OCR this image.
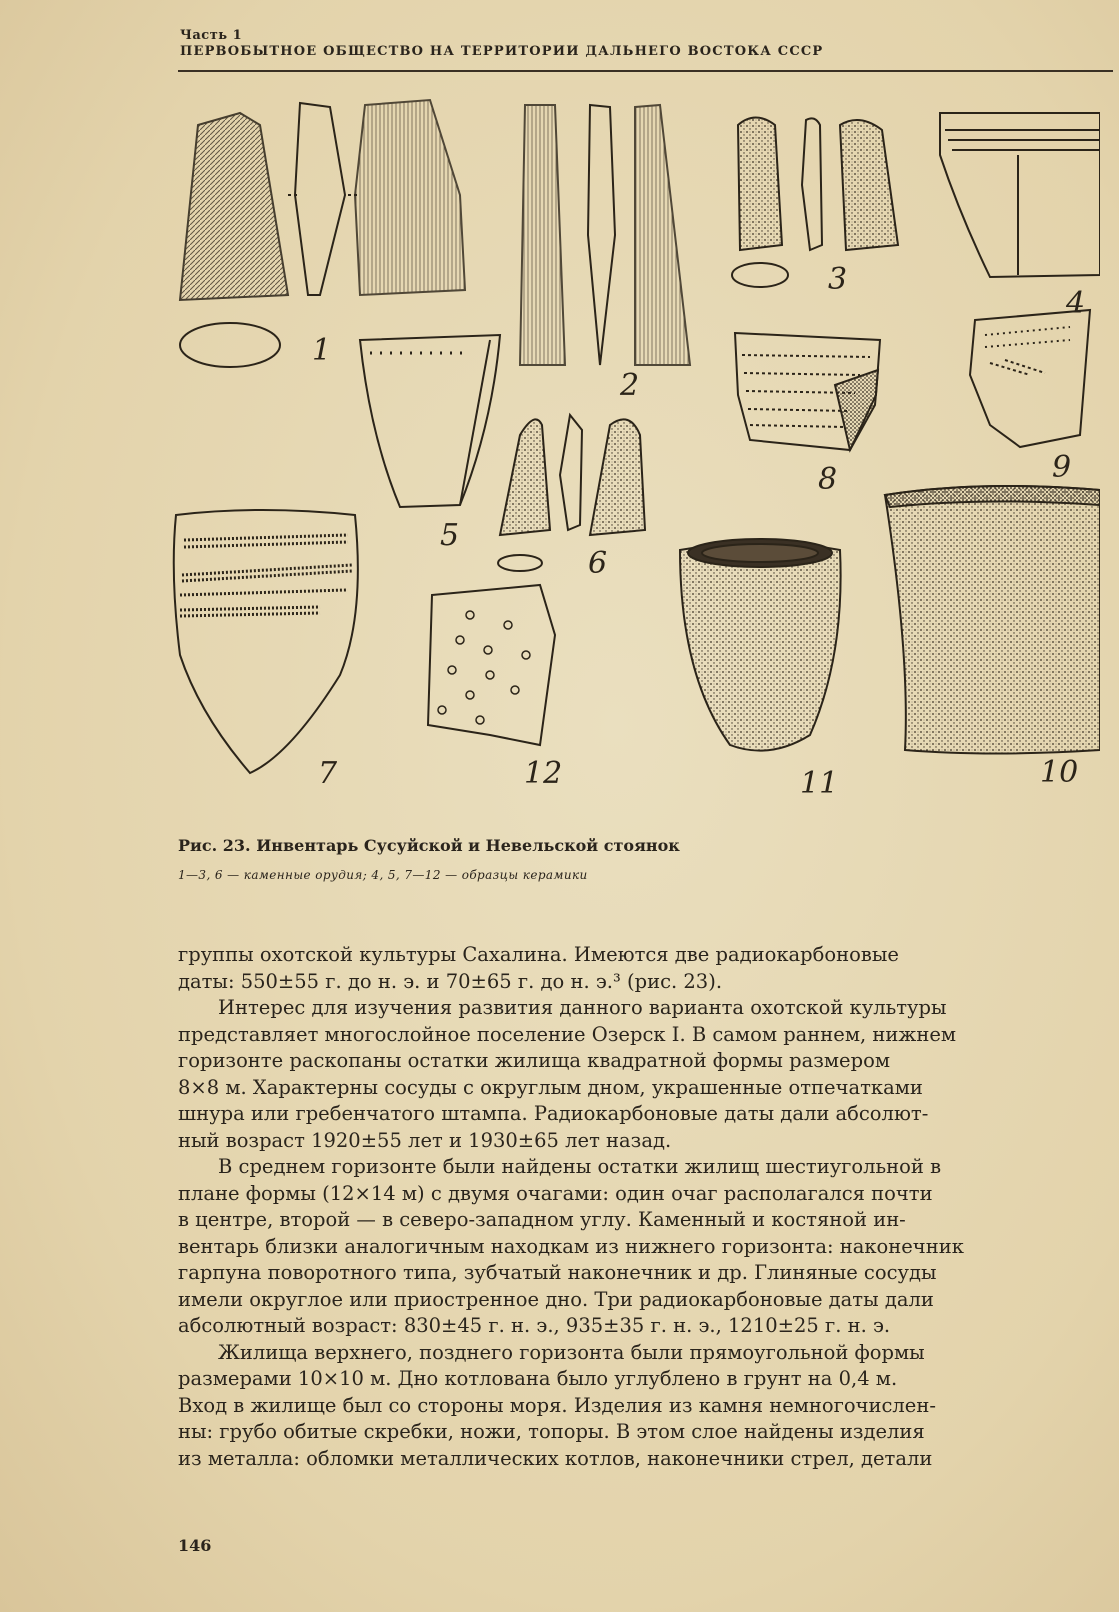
Часть 1
ПЕРВОБЫТНОЕ ОБЩЕСТВО НА ТЕРРИТОРИИ ДАЛЬНЕГО ВОСТОКА СССР
1
2
3
4
5
6
7
8	9
10
11
12
Рис. 23. Инвентарь Сусуйской и Невельской стоянок
1—3, 6 — каменные орудия; 4, 5, 7—12 — образцы керамики

группы охотской культуры Сахалина. Имеются две радиокарбоновые

даты: 550±55 г. до н. э. и 70±65 г. до н. э.³ (рис. 23).

Интерес для изучения развития данного варианта охотской культуры

представляет многослойное поселение Озерск I. В самом раннем, нижнем

горизонте раскопаны остатки жилища квадратной формы размером

8×8 м. Характерны сосуды с округлым дном, украшенные отпечатками

шнура или гребенчатого штампа. Радиокарбоновые даты дали абсолют-

ный возраст 1920±55 лет и 1930±65 лет назад.

В среднем горизонте были найдены остатки жилищ шестиугольной в

плане формы (12×14 м) с двумя очагами: один очаг располагался почти

в центре, второй — в северо-западном углу. Каменный и костяной ин-

вентарь близки аналогичным находкам из нижнего горизонта: наконечник

гарпуна поворотного типа, зубчатый наконечник и др. Глиняные сосуды

имели округлое или приостренное дно. Три радиокарбоновые даты дали

абсолютный возраст: 830±45 г. н. э., 935±35 г. н. э., 1210±25 г. н. э.

Жилища верхнего, позднего горизонта были прямоугольной формы

размерами 10×10 м. Дно котлована было углублено в грунт на 0,4 м.

Вход в жилище был со стороны моря. Изделия из камня немногочислен-

ны: грубо обитые скребки, ножи, топоры. В этом слое найдены изделия

из металла: обломки металлических котлов, наконечники стрел, детали

146
